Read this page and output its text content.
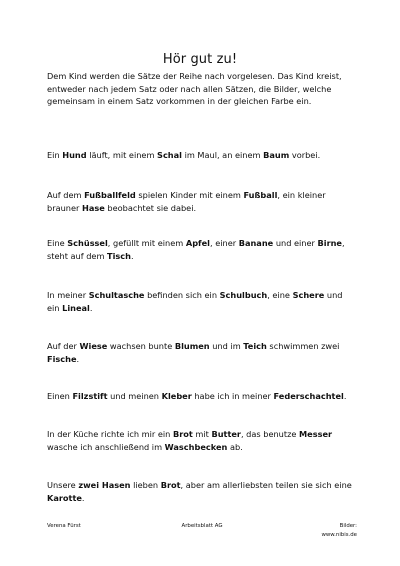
Hör gut zu!

Dem Kind werden die Sätze der Reihe nach vorgelesen. Das Kind kreist, entweder nach jedem Satz oder nach allen Sätzen, die Bilder, welche gemeinsam in einem Satz vorkommen in der gleichen Farbe ein.

Ein Hund läuft, mit einem Schal im Maul, an einem Baum vorbei.

Auf dem Fußballfeld spielen Kinder mit einem Fußball, ein kleiner brauner Hase beobachtet sie dabei.

Eine Schüssel, gefüllt mit einem Apfel, einer Banane und einer Birne, steht auf dem Tisch.

In meiner Schultasche befinden sich ein Schulbuch, eine Schere und ein Lineal.

Auf der Wiese wachsen bunte Blumen und im Teich schwimmen zwei Fische.

Einen Filzstift und meinen Kleber habe ich in meiner Federschachtel.

In der Küche richte ich mir ein Brot mit Butter, das benutze Messer wasche ich anschließend im Waschbecken ab.

Unsere zwei Hasen lieben Brot, aber am allerliebsten teilen sie sich eine Karotte.

Verena Fürst	Arbeitsblatt AG	Bilder:
www.nibis.de
